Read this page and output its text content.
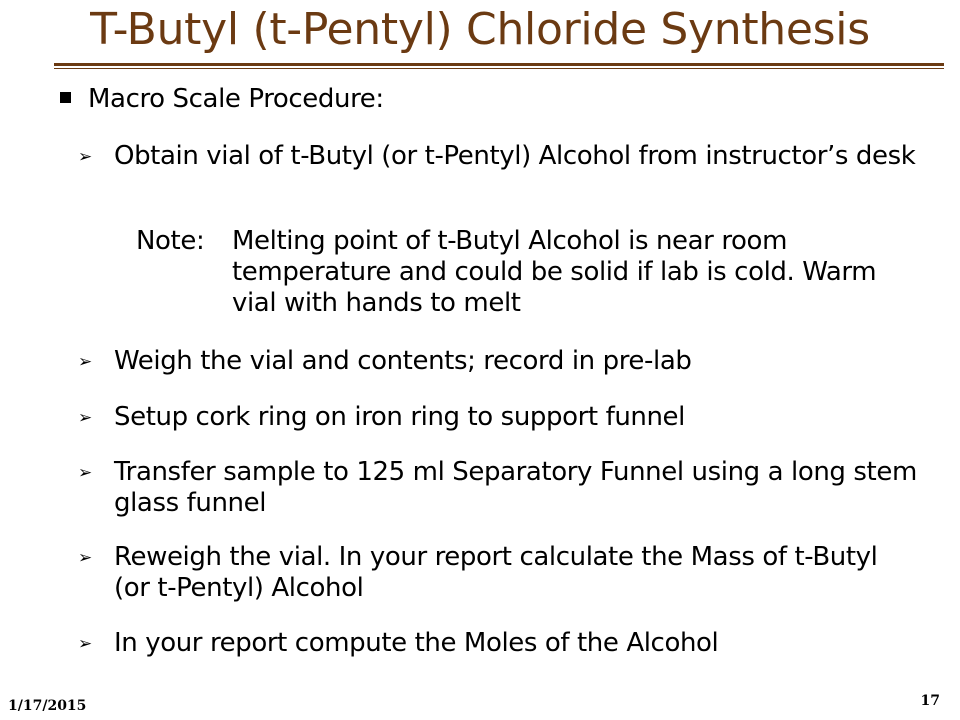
T-Butyl (t-Pentyl) Chloride Synthesis
Macro Scale Procedure:
➢ Obtain vial of t-Butyl (or t-Pentyl) Alcohol from instructor’s desk
Note: Melting point of t-Butyl Alcohol is near room temperature and could be solid if lab is cold. Warm vial with hands to melt
➢ Weigh the vial and contents; record in pre-lab
➢ Setup cork ring on iron ring to support funnel
➢ Transfer sample to 125 ml Separatory Funnel using a long stem glass funnel
➢ Reweigh the vial. In your report calculate the Mass of t-Butyl (or t-Pentyl) Alcohol
➢ In your report compute the Moles of the Alcohol
1/17/2015	17
